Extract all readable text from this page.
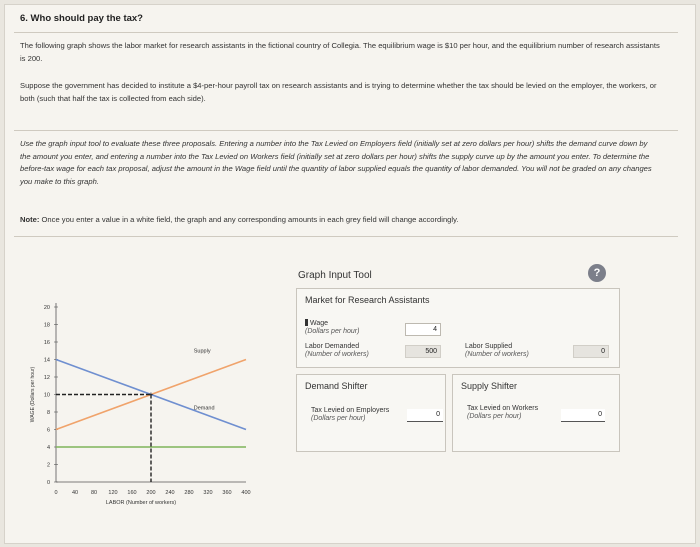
6. Who should pay the tax?
The following graph shows the labor market for research assistants in the fictional country of Collegia. The equilibrium wage is $10 per hour, and the equilibrium number of research assistants is 200.
Suppose the government has decided to institute a $4-per-hour payroll tax on research assistants and is trying to determine whether the tax should be levied on the employer, the workers, or both (such that half the tax is collected from each side).
Use the graph input tool to evaluate these three proposals. Entering a number into the Tax Levied on Employers field (initially set at zero dollars per hour) shifts the demand curve down by the amount you enter, and entering a number into the Tax Levied on Workers field (initially set at zero dollars per hour) shifts the supply curve up by the amount you enter. To determine the before-tax wage for each tax proposal, adjust the amount in the Wage field until the quantity of labor supplied equals the quantity of labor demanded. You will not be graded on any changes you make to this graph.
Note: Once you enter a value in a white field, the graph and any corresponding amounts in each grey field will change accordingly.
0
2
4
6
8
10
12
14
16
18
20
0	40 80 120 160 200 240 280 320 360 400
LABOR (Number of workers)
WAGE (Dollars per hour)
Supply
Demand
+
Graph Input Tool	?
Market for Research Assistants
Wage
(Dollars per hour)	4
Labor Demanded
(Number of workers)	500
Labor Supplied
(Number of workers)	0
Demand Shifter
Tax Levied on Employers
(Dollars per hour)
0
Supply Shifter
Tax Levied on Workers
(Dollars per hour)	0
